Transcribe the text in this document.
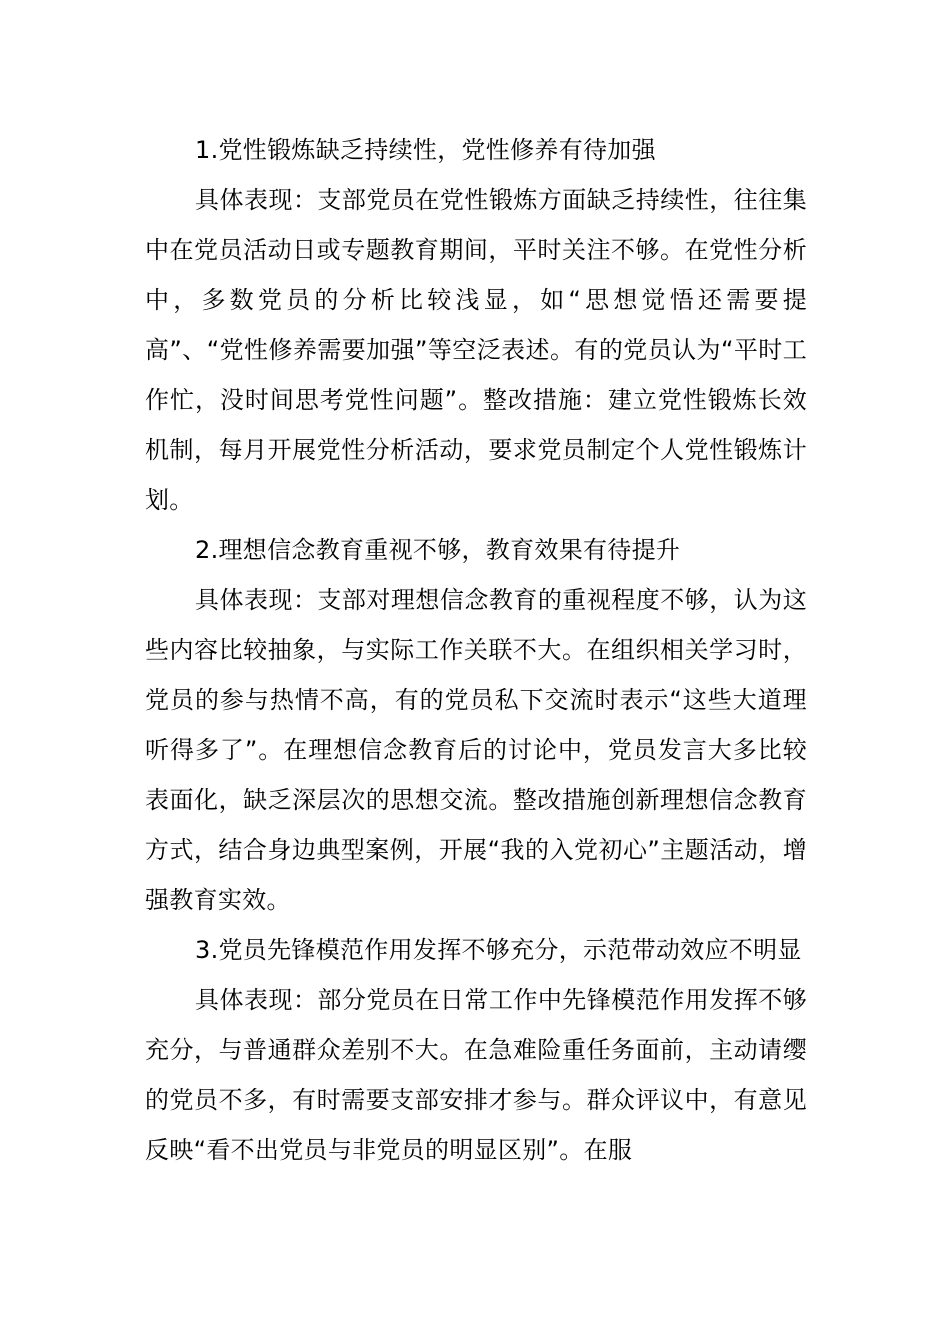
1.党性锻炼缺乏持续性，党性修养有待加强

具体表现：支部党员在党性锻炼方面缺乏持续性，往往集中在党员活动日或专题教育期间，平时关注不够。在党性分析中，多数党员的分析比较浅显，如“思想觉悟还需要提高”、“党性修养需要加强”等空泛表述。有的党员认为“平时工作忙，没时间思考党性问题”。整改措施：建立党性锻炼长效机制，每月开展党性分析活动，要求党员制定个人党性锻炼计划。

2.理想信念教育重视不够，教育效果有待提升

具体表现：支部对理想信念教育的重视程度不够，认为这些内容比较抽象，与实际工作关联不大。在组织相关学习时，党员的参与热情不高，有的党员私下交流时表示“这些大道理听得多了”。在理想信念教育后的讨论中，党员发言大多比较表面化，缺乏深层次的思想交流。整改措施创新理想信念教育方式，结合身边典型案例，开展“我的入党初心”主题活动，增强教育实效。

3.党员先锋模范作用发挥不够充分，示范带动效应不明显

具体表现：部分党员在日常工作中先锋模范作用发挥不够充分，与普通群众差别不大。在急难险重任务面前，主动请缨的党员不多，有时需要支部安排才参与。群众评议中，有意见反映“看不出党员与非党员的明显区别”。在服
